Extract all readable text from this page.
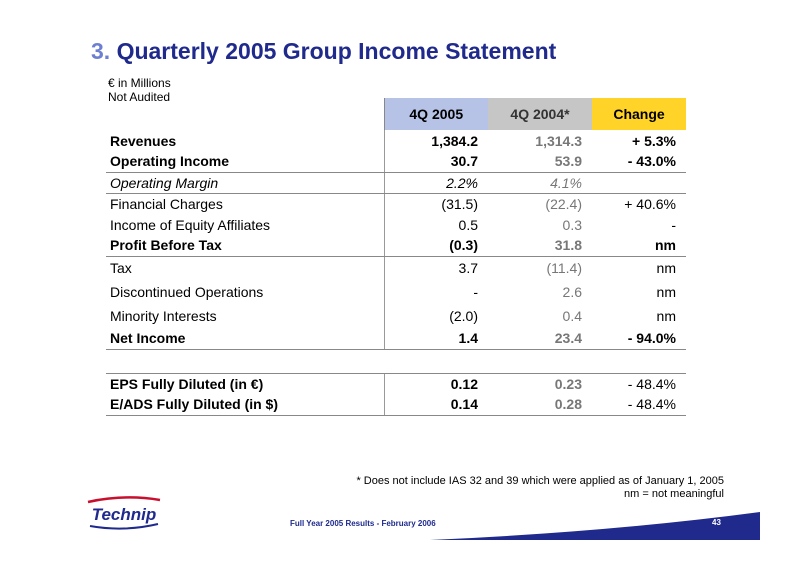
3. Quarterly 2005 Group Income Statement
€ in Millions
Not Audited
	4Q 2005	4Q 2004*	Change
Revenues	1,384.2	1,314.3	+ 5.3%
Operating Income	30.7	53.9	- 43.0%
Operating Margin	2.2%	4.1%	
Financial Charges	(31.5)	(22.4)	+ 40.6%
Income of Equity Affiliates	0.5	0.3	-
Profit Before Tax	(0.3)	31.8	nm
Tax	3.7	(11.4)	nm
Discontinued Operations	-	2.6	nm
Minority Interests	(2.0)	0.4	nm
Net Income	1.4	23.4	- 94.0%

EPS Fully Diluted (in €)	0.12	0.23	- 48.4%
E/ADS Fully Diluted (in $)	0.14	0.28	- 48.4%
* Does not include IAS 32 and 39 which were applied as of January 1, 2005
nm = not meaningful
Technip	Full Year 2005 Results - February 2006	43
